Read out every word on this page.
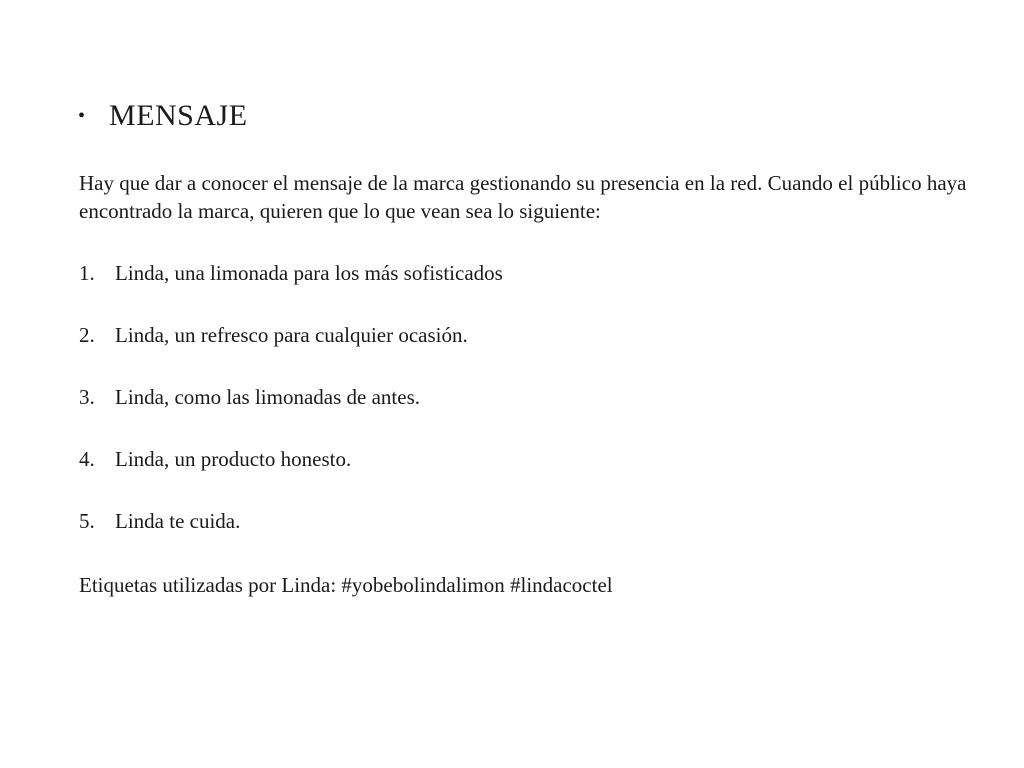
• MENSAJE
Hay que dar a conocer el mensaje de la marca gestionando su presencia en la red. Cuando el público haya encontrado la marca, quieren que lo que vean sea lo siguiente:
1. Linda, una limonada para los más sofisticados
2. Linda, un refresco para cualquier ocasión.
3. Linda, como las limonadas de antes.
4. Linda, un producto honesto.
5. Linda te cuida.
Etiquetas utilizadas por Linda: #yobebolindalimon #lindacoctel
